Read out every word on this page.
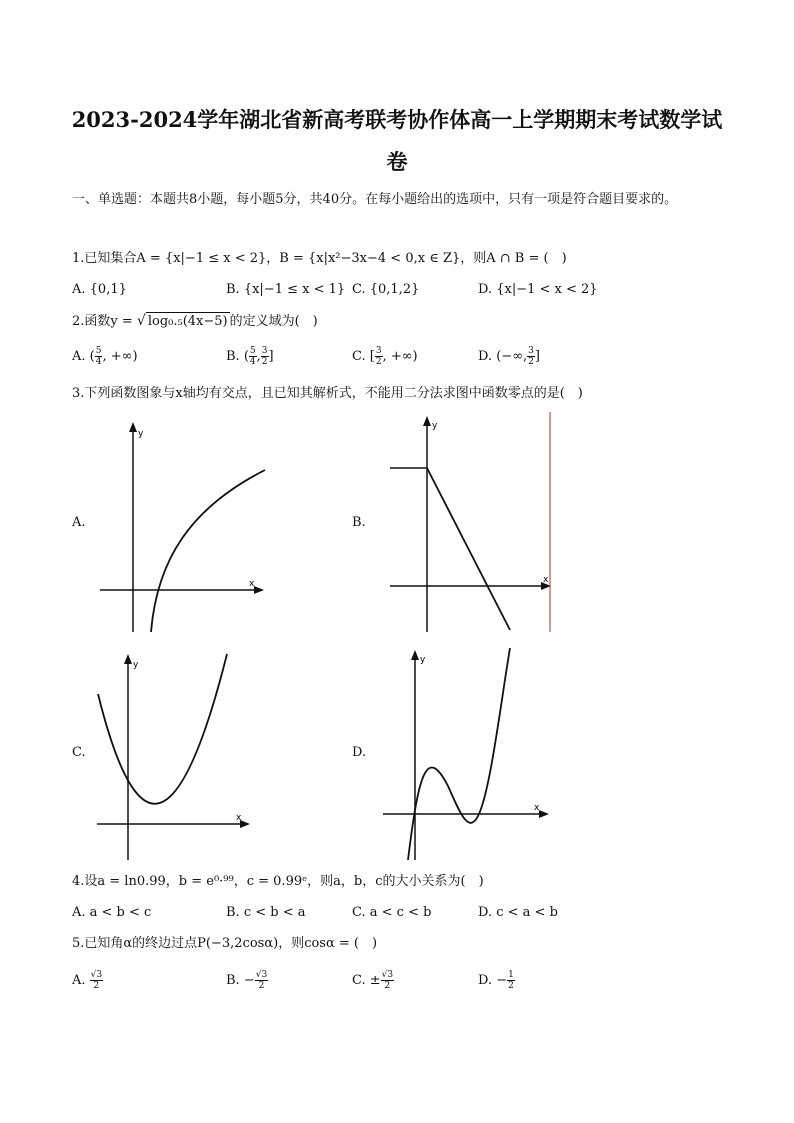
2023-2024学年湖北省新高考联考协作体高一上学期期末考试数学试
卷
一、单选题：本题共8小题，每小题5分，共40分。在每小题给出的选项中，只有一项是符合题目要求的。
1.已知集合A = {x|−1 ≤ x < 2}，B = {x|x²−3x−4 < 0,x ∈ Z}，则A ∩ B = (　)
A. {0,1}	B. {x|−1 ≤ x < 1} C. {0,1,2}	D. {x|−1 < x < 2}
2.函数y = √ log₀.₅(4x−5) 的定义域为(　)
A. ( $\frac{5}{4}$ , +∞)	B. ( $\frac{5}{4}$ , $\frac{3}{2}$ ]	C. [ $\frac{3}{2}$ , +∞)	D. (−∞, $\frac{3}{2}$ ]
3.下列函数图象与x轴均有交点，且已知其解析式，不能用二分法求图中函数零点的是(　)
A.
y
x
B.
y
x
C.
y
x
D.
y
x
4.设a = ln0.99，b = e⁰·⁹⁹，c = 0.99ᵉ，则a，b，c的大小关系为(　)
A. a < b < c	B. c < b < a	C. a < c < b	D. c < a < b
5.已知角α的终边过点P(−3,2cosα)，则cosα = (　)
A. $\frac{√3}{2}$	B. − $\frac{√3}{2}$	C. ± $\frac{√3}{2}$	D. − $\frac{1}{2}$
